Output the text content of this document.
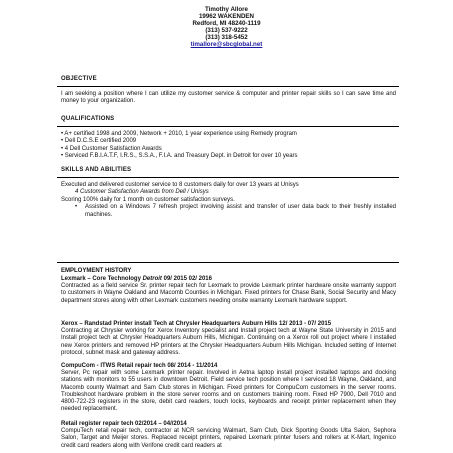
Timothy Allore
19962 WAKENDEN
Redford, MI 48240-1119
(313) 537-9222
(313) 318-5452
timallore@sbcglobal.net
OBJECTIVE
I am seeking a position where I can utilize my customer service & computer and printer repair skills so I can save time and money to your organization.
QUALIFICATIONS
• A+ certified 1998 and 2009, Network + 2010, 1 year experience using Remedy program
• Dell D.C.S.E certified 2009
• 4 Dell Customer Satisfaction Awards
• Serviced F.B.I.A.T.F, I.R.S., S.S.A., F.I.A. and Treasury Dept. in Detroit for over 10 years
SKILLS AND ABILITIES
Executed and delivered customer service to 8 customers daily for over 13 years at Unisys
4 Customer Satisfaction Awards from Dell / Unisys
Scoring 100% daily for 1 month on customer satisfaction surveys.
•	Assisted on a Windows 7 refresh project involving assist and transfer of user data back to their freshly installed machines.
EMPLOYMENT HISTORY
Lexmark – Core Technology Detroit 09/ 2015 02/ 2016
Contracted as a field service Sr. printer repair tech for Lexmark to provide Lexmark printer hardware onsite warranty support to customers in Wayne Oakland and Macomb Counties in Michigan. Fixed printers for Chase Bank, Social Security and Macy department stores along with other Lexmark customers needing onsite warranty Lexmark hardware support.
Xerox – Randstad Printer install Tech at Chrysler Headquarters Auburn Hills 12/ 2013 - 07/ 2015
Contracting at Chrysler working for Xerox Inventory specialist and Install project tech at Wayne State University in 2015 and Install project tech at Chrysler Headquarters Auburn Hills, Michigan. Continuing on a Xerox roll out project where I installed new Xerox printers and removed HP printers at the Chrysler Headquarters Auburn Hills Michigan. Included setting of Internet protocol, subnet mask and gateway address.
CompuCom - ITWS Retail repair tech 08/ 2014 - 11/2014
Server, Pc repair with some Lexmark printer repair. Involved in Aetna laptop install project installed laptops and docking stations with monitors to 55 users in downtown Detroit. Field service tech position where I serviced 18 Wayne, Oakland, and Macomb county Walmart and Sam Club stores in Michigan. Fixed printers for CompuCom customers in the server rooms. Troubleshoot hardware problem in the store server rooms and on customers training room. Fixed HP 7900, Dell 7010 and 4800-722-23 registers in the store, debit card readers, touch locks, keyboards and receipt printer replacement when they needed replacement.
Retail register repair tech 02/2014 – 04//2014
CompuTech retail repair tech, contractor at NCR servicing Walmart, Sam Club, Dick Sporting Goods Ulta Salon, Sephora Salon, Target and Meijer stores. Replaced receipt printers, repaired Lexmark printer fusers and rollers at K-Mart, Ingenico credit card readers along with Verifone credit card readers at
